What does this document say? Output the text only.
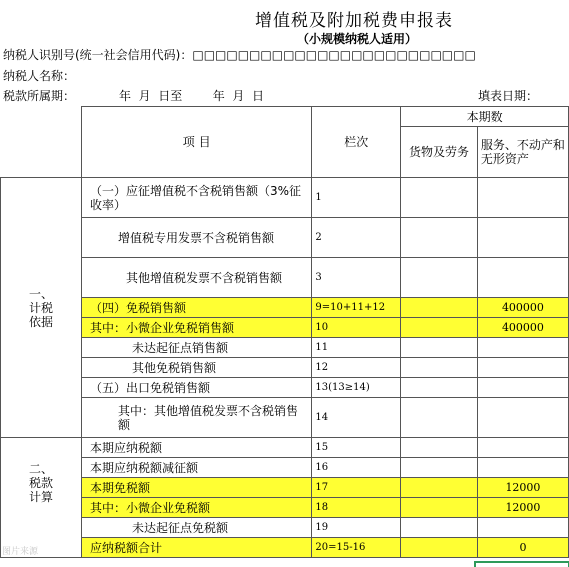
增值税及附加税费申报表
（小规模纳税人适用）
纳税人识别号(统一社会信用代码)：□□□□□□□□□□□□□□□□□□□□□□□□□
纳税人名称：
税款所属期：	年  月  日至        年  月  日	填表日期：
	项 目	栏次	本期数	
			货物及劳务	服务、不动产和无形资产
一、计税依据	（一）应征增值税不含税销售额（3%征收率）	1		
	增值税专用发票不含税销售额	2		
	其他增值税发票不含税销售额	3		
	（四）免税销售额	9=10+11+12		400000
	其中：小微企业免税销售额	10		400000
	未达起征点销售额	11		
	其他免税销售额	12		
	（五）出口免税销售额	13(13≥14)		
	其中：其他增值税发票不含税销售额	14		
二、税款计算	本期应纳税额	15		
	本期应纳税额减征额	16		
	本期免税额	17		12000
	其中：小微企业免税额	18		12000
	未达起征点免税额	19		
	应纳税额合计	20=15-16		0
图片来源
